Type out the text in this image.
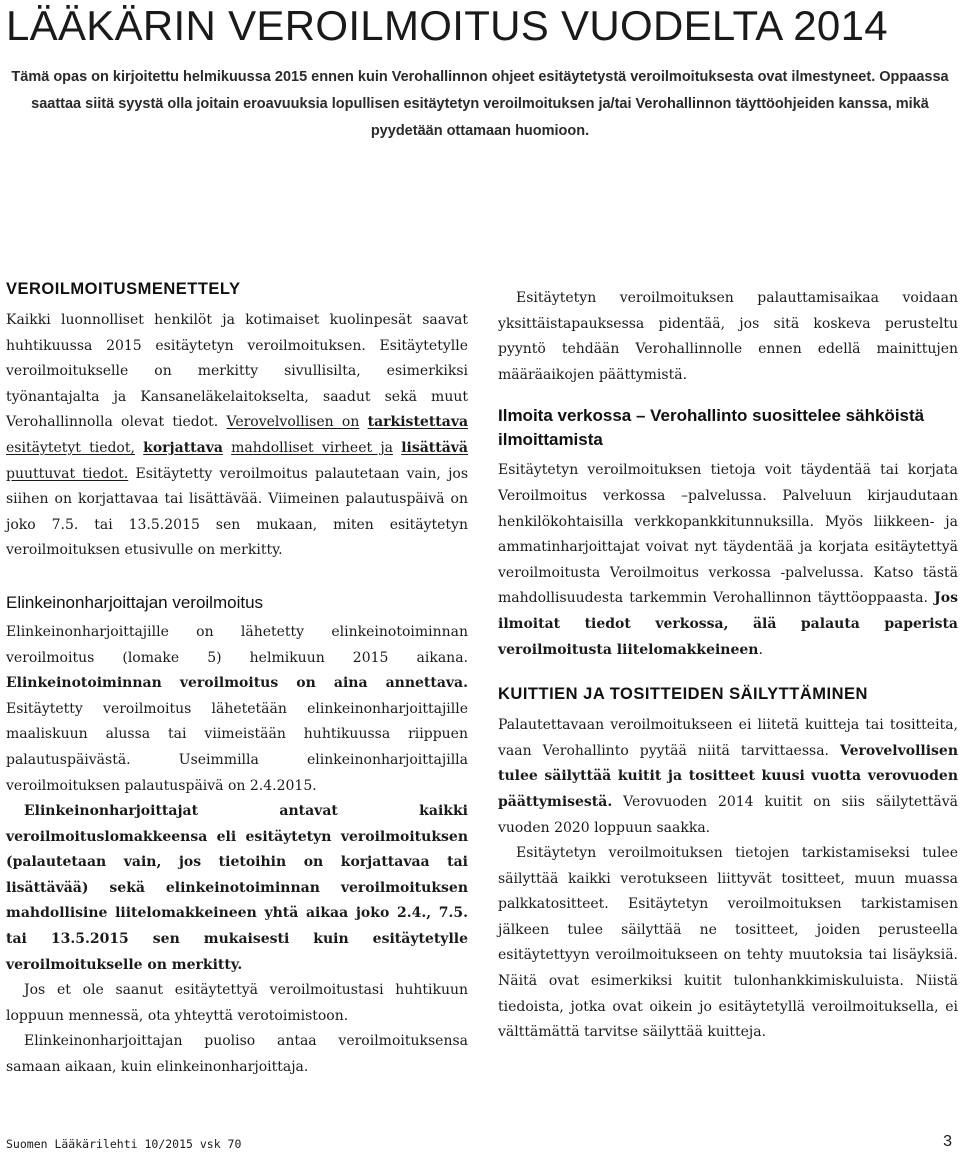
LÄÄKÄRIN VEROILMOITUS VUODELTA 2014

Tämä opas on kirjoitettu helmikuussa 2015 ennen kuin Verohallinnon ohjeet esitäytetystä veroilmoituksesta ovat ilmestyneet. Oppaassa saattaa siitä syystä olla joitain eroavuuksia lopullisen esitäytetyn veroilmoituksen ja/tai Verohallinnon täyttöohjeiden kanssa, mikä pyydetään ottamaan huomioon.

VEROILMOITUSMENETTELY

Kaikki luonnolliset henkilöt ja kotimaiset kuolinpesät saavat huhtikuussa 2015 esitäytetyn veroilmoituksen. Esitäytetylle veroilmoitukselle on merkitty sivullisilta, esimerkiksi työnantajalta ja Kansaneläkelaitokselta, saadut sekä muut Verohallinnolla olevat tiedot. Verovelvollisen on tarkistettava esitäytetyt tiedot, korjattava mahdolliset virheet ja lisättävä puuttuvat tiedot. Esitäytetty veroilmoitus palautetaan vain, jos siihen on korjattavaa tai lisättävää. Viimeinen palautuspäivä on joko 7.5. tai 13.5.2015 sen mukaan, miten esitäytetyn veroilmoituksen etusivulle on merkitty.

Elinkeinonharjoittajan veroilmoitus

Elinkeinonharjoittajille on lähetetty elinkeinotoiminnan veroilmoitus (lomake 5) helmikuun 2015 aikana. Elinkeinotoiminnan veroilmoitus on aina annettava. Esitäytetty veroilmoitus lähetetään elinkeinonharjoittajille maaliskuun alussa tai viimeistään huhtikuussa riippuen palautuspäivästä. Useimmilla elinkeinonharjoittajilla veroilmoituksen palautuspäivä on 2.4.2015.

Elinkeinonharjoittajat antavat kaikki veroilmoituslomakkeensa eli esitäytetyn veroilmoituksen (palautetaan vain, jos tietoihin on korjattavaa tai lisättävää) sekä elinkeinotoiminnan veroilmoituksen mahdollisine liitelomakkeineen yhtä aikaa joko 2.4., 7.5. tai 13.5.2015 sen mukaisesti kuin esitäytetylle veroilmoitukselle on merkitty.

Jos et ole saanut esitäytettyä veroilmoitustasi huhtikuun loppuun mennessä, ota yhteyttä verotoimistoon.

Elinkeinonharjoittajan puoliso antaa veroilmoituksensa samaan aikaan, kuin elinkeinonharjoittaja.

Esitäytetyn veroilmoituksen palauttamisaikaa voidaan yksittäistapauksessa pidentää, jos sitä koskeva perusteltu pyyntö tehdään Verohallinnolle ennen edellä mainittujen määräaikojen päättymistä.

Ilmoita verkossa – Verohallinto suosittelee sähköistä ilmoittamista

Esitäytetyn veroilmoituksen tietoja voit täydentää tai korjata Veroilmoitus verkossa –palvelussa. Palveluun kirjaudutaan henkilökohtaisilla verkkopankkitunnuksilla. Myös liikkeen- ja ammatinharjoittajat voivat nyt täydentää ja korjata esitäytettyä veroilmoitusta Veroilmoitus verkossa -palvelussa. Katso tästä mahdollisuudesta tarkemmin Verohallinnon täyttöoppaasta. Jos ilmoitat tiedot verkossa, älä palauta paperista veroilmoitusta liitelomakkeineen.

KUITTIEN JA TOSITTEIDEN SÄILYTTÄMINEN

Palautettavaan veroilmoitukseen ei liitetä kuitteja tai tositteita, vaan Verohallinto pyytää niitä tarvittaessa. Verovelvollisen tulee säilyttää kuitit ja tositteet kuusi vuotta verovuoden päättymisestä. Verovuoden 2014 kuitit on siis säilytettävä vuoden 2020 loppuun saakka.

Esitäytetyn veroilmoituksen tietojen tarkistamiseksi tulee säilyttää kaikki verotukseen liittyvät tositteet, muun muassa palkkatositteet. Esitäytetyn veroilmoituksen tarkistamisen jälkeen tulee säilyttää ne tositteet, joiden perusteella esitäytettyyn veroilmoitukseen on tehty muutoksia tai lisäyksiä. Näitä ovat esimerkiksi kuitit tulonhankkimiskuluista. Niistä tiedoista, jotka ovat oikein jo esitäytetyllä veroilmoituksella, ei välttämättä tarvitse säilyttää kuitteja.

Suomen Lääkärilehti 10/2015 vsk 70	3
